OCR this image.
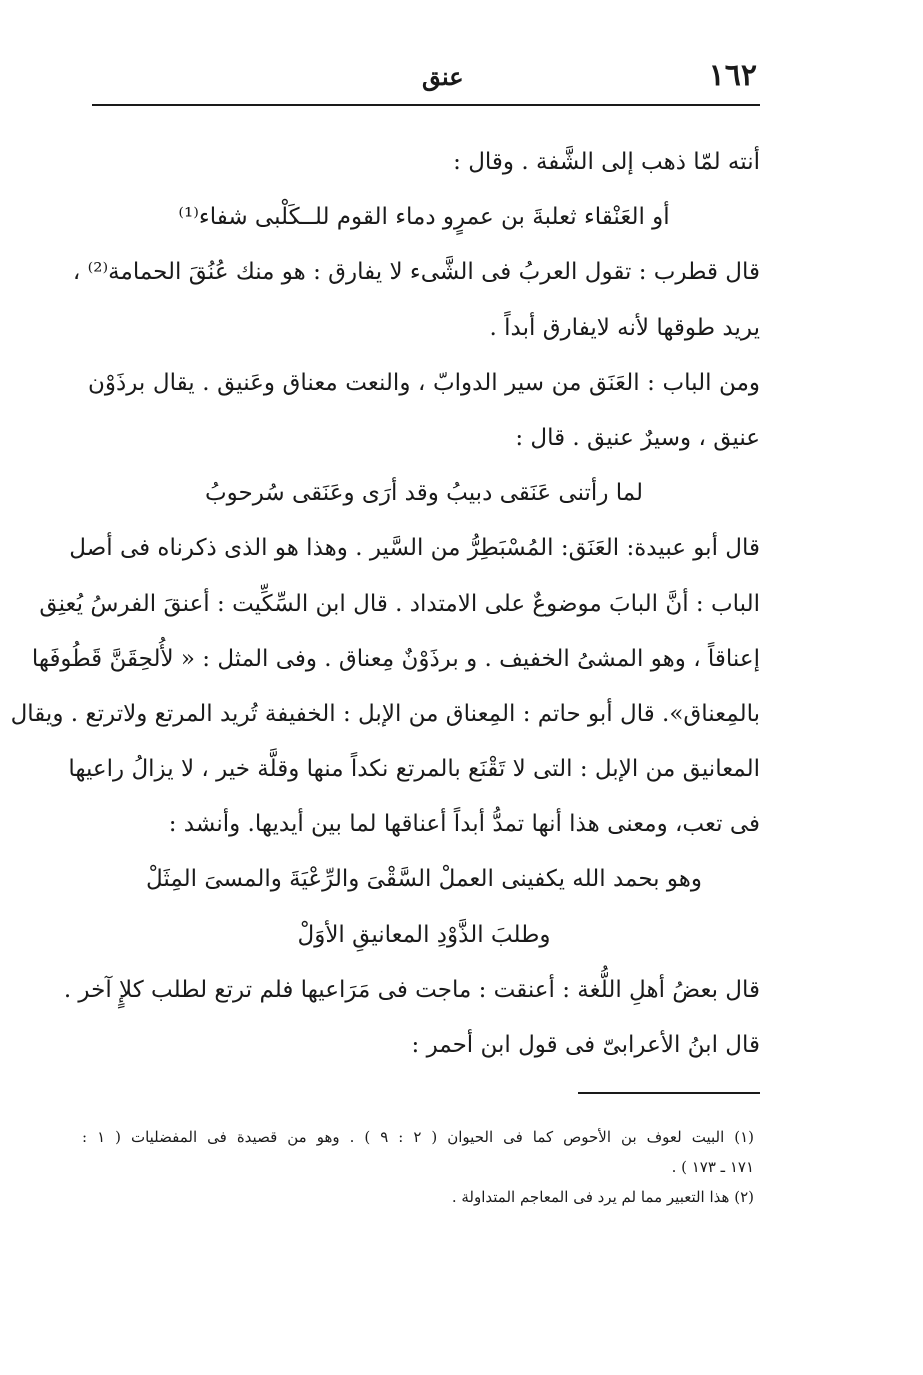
١٦٢
عنق
أنته لمّا ذهب إلى الشَّفة . وقال :
أو العَنْقاء ثعلبةَ بن عمرٍو دماء القوم للــكَلْبى شفاء⁽¹⁾
قال قطرب : تقول العربُ فى الشَّىء لا يفارق : هو منك عُنُقَ الحمامة⁽²⁾ ،
يريد طوقها لأنه لايفارق أبداً .
ومن الباب : العَنَق من سير الدوابّ ، والنعت معناق وعَنيق . يقال برذَوْن
عنيق ، وسيرٌ عنيق . قال :
لما رأتنى عَنَقى دبيبُ وقد أرَى وعَنَقى سُرحوبُ
قال أبو عبيدة: العَنَق: المُسْبَطِرُّ من السَّير . وهذا هو الذى ذكرناه فى أصل
الباب : أنَّ البابَ موضوعٌ على الامتداد . قال ابن السِّكِّيت : أعنقَ الفرسُ يُعنِق
إعناقاً ، وهو المشىُ الخفيف . و برذَوْنٌ مِعناق . وفى المثل : « لأُلحِقَنَّ قَطُوفَها
بالمِعناق». قال أبو حاتم : المِعناق من الإبل : الخفيفة تُريد المرتع ولاترتع . ويقال
المعانيق من الإبل : التى لا تَقْنَع بالمرتع نكداً منها وقلَّة خير ، لا يزالُ راعيها
فى تعب، ومعنى هذا أنها تمدُّ أبداً أعناقها لما بين أيديها. وأنشد :
وهو بحمد الله يكفينى العملْ السَّقْىَ والرِّعْيَةَ والمسىَ المِثَلْ
وطلبَ الذَّوْدِ المعانيقِ الأوَلْ
قال بعضُ أهلِ اللُّغة : أعنقت : ماجت فى مَرَاعيها فلم ترتع لطلب كلإٍ آخر .
قال ابنُ الأعرابىّ فى قول ابن أحمر :
(١) البيت لعوف بن الأحوص كما فى الحيوان ( ٢ : ٩ ) . وهو من قصيدة فى المفضليات ( ١ :
١٧١ ـ ١٧٣ ) .
(٢) هذا التعبير مما لم يرد فى المعاجم المتداولة .
